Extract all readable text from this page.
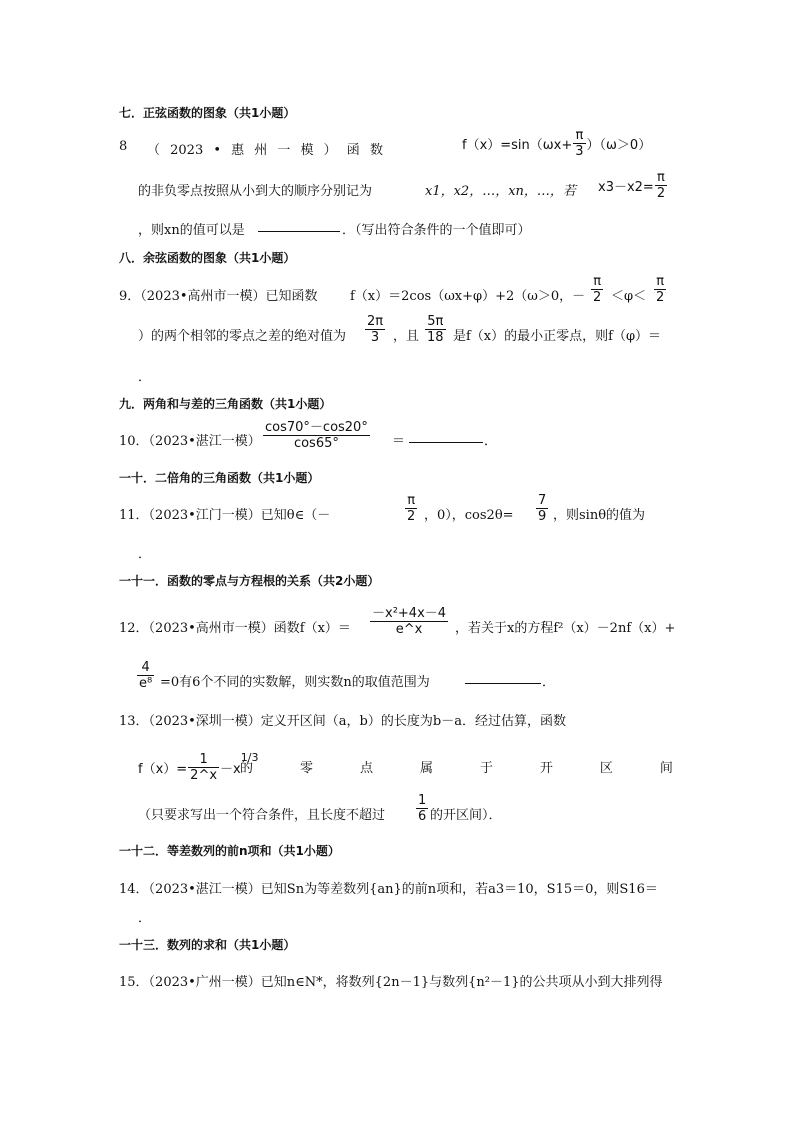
七．正弦函数的图象（共1小题）
8 （ 2023 • 惠 州 一 模 ） 函 数	$f(x)=\sin(\omega x+ \frac{\pi}{3} )(\omega>0)$
的非负零点按照从小到大的顺序分别记为	x1，x2，…，xn，…，若 $x3-x2= \frac{\pi}{2}$
，则xn的值可以是	．（写出符合条件的一个值即可）
八．余弦函数的图象（共1小题）
9．（2023•高州市一模）已知函数 f（x）＝2cos（ωx+φ）+2（ω＞0，－ $\frac{\pi}{2} <\varphi< \frac{\pi}{2}$
）的两个相邻的零点之差的绝对值为 $\frac{2\pi}{3}$ ，且 $\frac{5\pi}{18}$ 是f（x）的最小正零点，则f（φ）＝
．
九．两角和与差的三角函数（共1小题）
10．（2023•湛江一模） $\frac{\cos 70^\circ-\cos 20^\circ}{\cos 65^\circ}$ ＝	．
一十．二倍角的三角函数（共1小题）
11．（2023•江门一模）已知θ∈（－	$\frac{\pi}{2}$ ，0），$\cos 2\theta= \frac{7}{9}$ ，则sinθ的值为
．
一十一．函数的零点与方程根的关系（共2小题）
12．（2023•高州市一模）函数$f(x)= \frac{\text{－x²+4x－4}}{e\^{}x}$ ，若关于x的方程f²（x）－2nf（x）+
$\frac{4}{\text{e⁸}} =0$有6个不同的实数解，则实数n的取值范围为	．
13．（2023•深圳一模）定义开区间（a，b）的长度为b－a．经过估算，函数
$f(x)= \frac{1}{2\^{}x} -x$
$^{1/3}$
的	零	点	属	于	开	区	间
（只要求写出一个符合条件，且长度不超过 $\frac{1}{6}$ 的开区间）．
一十二．等差数列的前n项和（共1小题）
14．（2023•湛江一模）已知Sn为等差数列{an}的前n项和，若a3＝10，S15＝0，则S16＝
．
一十三．数列的求和（共1小题）
15．（2023•广州一模）已知n∈N*，将数列{2n－1}与数列{n²－1}的公共项从小到大排列得
